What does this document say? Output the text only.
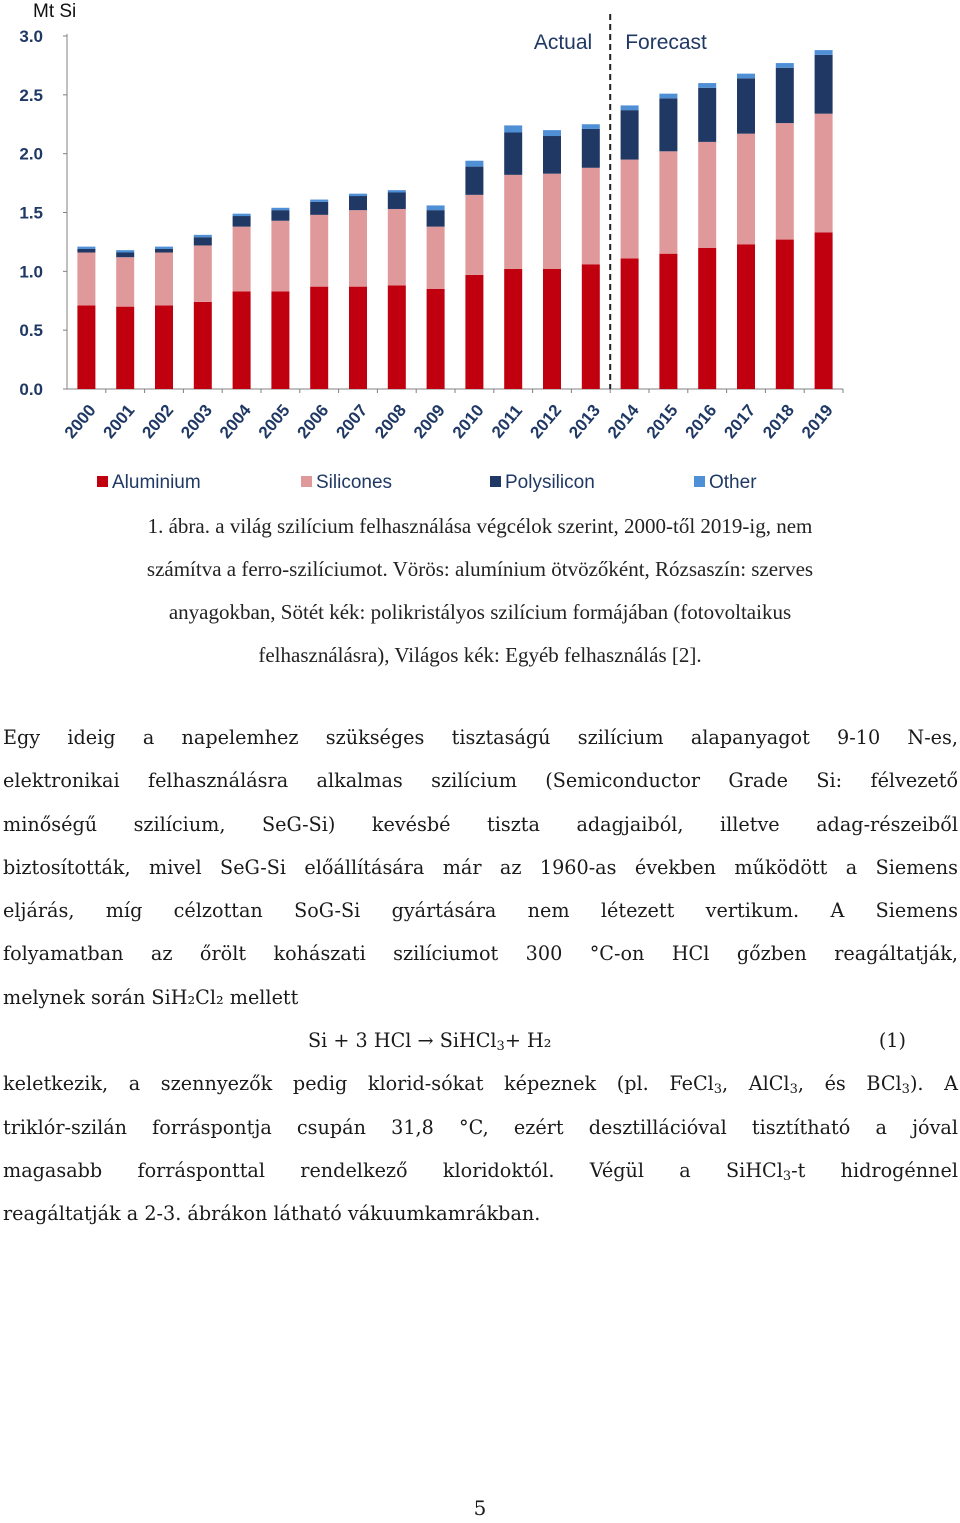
Mt Si
0.0
0.5
1.0
1.5
2.0
2.5
3.0
2000 2001 2002 2003 2004 2005 2006 2007 2008 2009 2010 2011 2012 2013 2014 2015 2016 2017 2018 2019
Actual Forecast
Aluminium	Silicones	Polysilicon	Other
1. ábra. a világ szilícium felhasználása végcélok szerint, 2000-től 2019-ig, nem
számítva a ferro-szilíciumot. Vörös: alumínium ötvözőként, Rózsaszín: szerves
anyagokban, Sötét kék: polikristályos szilícium formájában (fotovoltaikus
felhasználásra), Világos kék: Egyéb felhasználás [2].
Egy ideig a napelemhez szükséges tisztaságú szilícium alapanyagot 9-10 N-es,
elektronikai felhasználásra alkalmas szilícium (Semiconductor Grade Si: félvezető
minőségű szilícium, SeG-Si) kevésbé tiszta adagjaiból, illetve adag-részeiből
biztosították, mivel SeG-Si előállítására már az 1960-as években működött a Siemens
eljárás, míg célzottan SoG-Si gyártására nem létezett vertikum. A Siemens
folyamatban az őrölt kohászati szilíciumot 300 °C-on HCl gőzben reagáltatják,
melynek során SiH₂Cl₂ mellett
Si + 3 HCl → SiHCl$_3$+ H₂	(1)
keletkezik, a szennyezők pedig klorid-sókat képeznek (pl. FeCl$_3$, AlCl$_3$, és BCl$_3$). A
triklór-szilán forráspontja csupán 31,8 °C, ezért desztillációval tisztítható a jóval
magasabb forrásponttal rendelkező kloridoktól. Végül a SiHCl$_3$-t hidrogénnel
reagáltatják a 2-3. ábrákon látható vákuumkamrákban.
5
